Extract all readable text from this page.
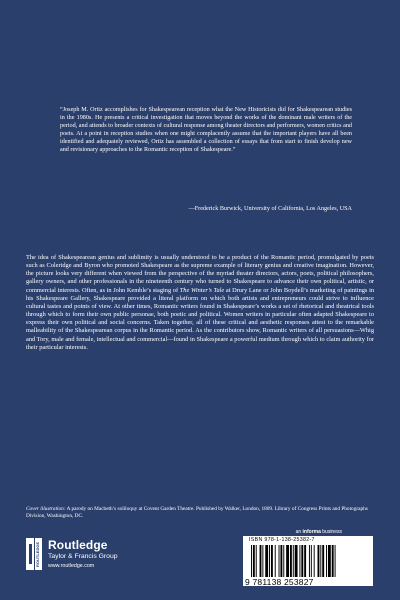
“Joseph M. Ortiz accomplishes for Shakespearean reception what the New Historicists did for Shakespearean studies in the 1980s. He presents a critical investigation that moves beyond the works of the dominant male writers of the period, and attends to broader contexts of cultural response among theater directors and performers, women critics and poets. At a point in reception studies when one might complacently assume that the important players have all been identified and adequately reviewed, Ortiz has assembled a collection of essays that from start to finish develop new and revisionary approaches to the Romantic reception of Shakespeare.”
—Frederick Burwick, University of California, Los Angeles, USA

The idea of Shakespearean genius and sublimity is usually understood to be a product of the Romantic period, promulgated by poets such as Coleridge and Byron who promoted Shakespeare as the supreme example of literary genius and creative imagination. However, the picture looks very different when viewed from the perspective of the myriad theater directors, actors, poets, political philosophers, gallery owners, and other professionals in the nineteenth century who turned to Shakespeare to advance their own political, artistic, or commercial interests. Often, as in John Kemble’s staging of The Winter’s Tale at Drury Lane or John Boydell’s marketing of paintings in his Shakespeare Gallery, Shakespeare provided a literal platform on which both artists and entrepreneurs could strive to influence cultural tastes and points of view. At other times, Romantic writers found in Shakespeare’s works a set of rhetorical and theatrical tools through which to form their own public personae, both poetic and political. Women writers in particular often adapted Shakespeare to express their own political and social concerns. Taken together, all of these critical and aesthetic responses attest to the remarkable malleability of the Shakespearean corpus in the Romantic period. As the contributors show, Romantic writers of all persuasions—Whig and Tory, male and female, intellectual and commercial—found in Shakespeare a powerful medium through which to claim authority for their particular interests.

Cover illustration: A parody on Macbeth’s soliloquy at Covent Garden Theatre. Published by Walker, London, 1809. Library of Congress Prints and Photographs Division, Washington, DC.
an informa business
ROUTLEDGE Routledge
Taylor & Francis Group
www.routledge.com
ISBN 978-1-138-25382-7
9 781138 253827
